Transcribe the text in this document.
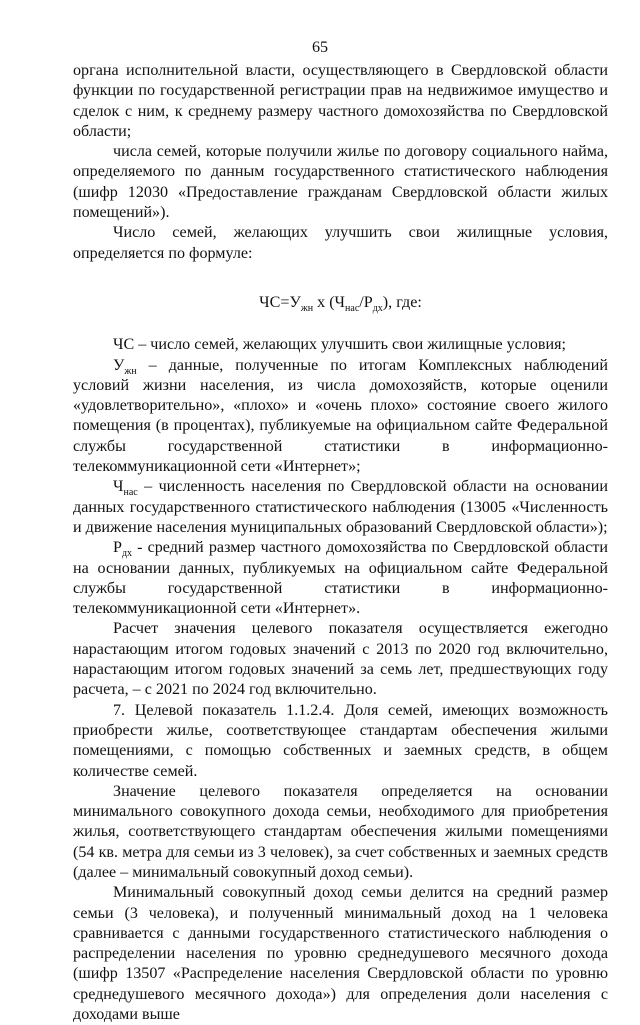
65

органа исполнительной власти, осуществляющего в Свердловской области функции по государственной регистрации прав на недвижимое имущество и сделок с ним, к среднему размеру частного домохозяйства по Свердловской области;

числа семей, которые получили жилье по договору социального найма, определяемого по данным государственного статистического наблюдения (шифр 12030 «Предоставление гражданам Свердловской области жилых помещений»).

Число семей, желающих улучшить свои жилищные условия, определяется по формуле:

$ЧС=У_{жн}$ х $(Ч_{нас}/Р_{дх})$, где:

ЧС – число семей, желающих улучшить свои жилищные условия;

$У_{жн}$ – данные, полученные по итогам Комплексных наблюдений условий жизни населения, из числа домохозяйств, которые оценили «удовлетворительно», «плохо» и «очень плохо» состояние своего жилого помещения (в процентах), публикуемые на официальном сайте Федеральной службы государственной статистики в информационно-телекоммуникационной сети «Интернет»;

$Ч_{нас}$ – численность населения по Свердловской области на основании данных государственного статистического наблюдения (13005 «Численность и движение населения муниципальных образований Свердловской области»);

$Р_{дх}$ - средний размер частного домохозяйства по Свердловской области на основании данных, публикуемых на официальном сайте Федеральной службы государственной статистики в информационно-телекоммуникационной сети «Интернет».

Расчет значения целевого показателя осуществляется ежегодно нарастающим итогом годовых значений с 2013 по 2020 год включительно, нарастающим итогом годовых значений за семь лет, предшествующих году расчета, – с 2021 по 2024 год включительно.

7. Целевой показатель 1.1.2.4. Доля семей, имеющих возможность приобрести жилье, соответствующее стандартам обеспечения жилыми помещениями, с помощью собственных и заемных средств, в общем количестве семей.

Значение целевого показателя определяется на основании минимального совокупного дохода семьи, необходимого для приобретения жилья, соответствующего стандартам обеспечения жилыми помещениями (54 кв. метра для семьи из 3 человек), за счет собственных и заемных средств (далее – минимальный совокупный доход семьи).

Минимальный совокупный доход семьи делится на средний размер семьи (3 человека), и полученный минимальный доход на 1 человека сравнивается с данными государственного статистического наблюдения о распределении населения по уровню среднедушевого месячного дохода (шифр 13507 «Распределение населения Свердловской области по уровню среднедушевого месячного дохода») для определения доли населения с доходами выше
